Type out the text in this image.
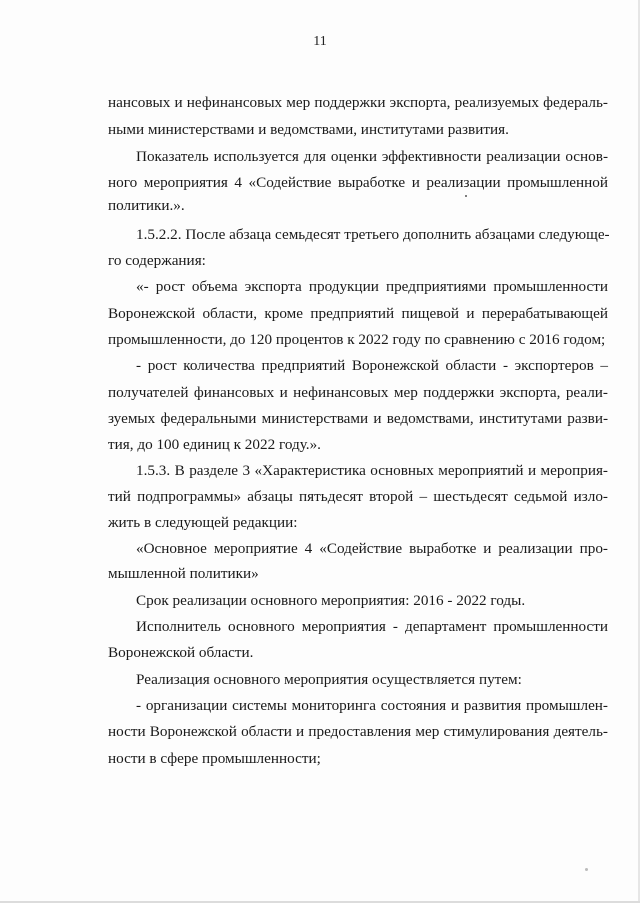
11
нансовых и нефинансовых мер поддержки экспорта, реализуемых федераль-
ными министерствами и ведомствами, институтами развития.
Показатель используется для оценки эффективности реализации основ-
ного мероприятия 4 «Содействие выработке и реализации промышленной
политики.».
1.5.2.2. После абзаца семьдесят третьего дополнить абзацами следующе-
го содержания:
«- рост объема экспорта продукции предприятиями промышленности
Воронежской области, кроме предприятий пищевой и перерабатывающей
промышленности, до 120 процентов к 2022 году по сравнению с 2016 годом;
- рост количества предприятий Воронежской области - экспортеров –
получателей финансовых и нефинансовых мер поддержки экспорта, реали-
зуемых федеральными министерствами и ведомствами, институтами разви-
тия, до 100 единиц к 2022 году.».
1.5.3. В разделе 3 «Характеристика основных мероприятий и мероприя-
тий подпрограммы» абзацы пятьдесят второй – шестьдесят седьмой изло-
жить в следующей редакции:
«Основное мероприятие 4 «Содействие выработке и реализации про-
мышленной политики»
Срок реализации основного мероприятия: 2016 - 2022 годы.
Исполнитель основного мероприятия - департамент промышленности
Воронежской области.
Реализация основного мероприятия осуществляется путем:
- организации системы мониторинга состояния и развития промышлен-
ности Воронежской области и предоставления мер стимулирования деятель-
ности в сфере промышленности;
